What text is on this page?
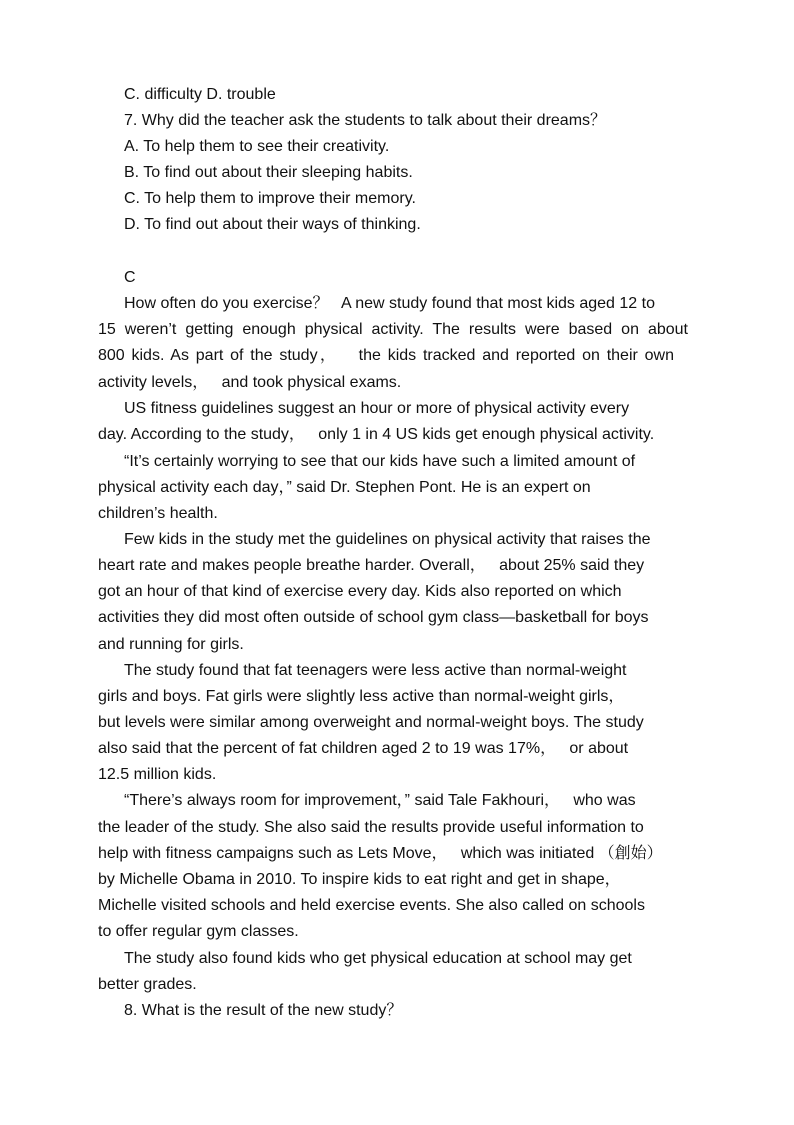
C. difficulty D. trouble
7. Why did the teacher ask the students to talk about their dreams？
A. To help them to see their creativity.
B. To find out about their sleeping habits.
C. To help them to improve their memory.
D. To find out about their ways of thinking.
C
How often do you exercise？   A new study found that most kids aged 12 to
15 weren’t getting enough physical activity. The results were based on about
800 kids. As part of the study，   the kids tracked and reported on their own
activity levels，   and took physical exams.
US fitness guidelines suggest an hour or more of physical activity every
day. According to the study，   only 1 in 4 US kids get enough physical activity.
“It’s certainly worrying to see that our kids have such a limited amount of
physical activity each day，” said Dr. Stephen Pont. He is an expert on
children’s health.
Few kids in the study met the guidelines on physical activity that raises the
heart rate and makes people breathe harder. Overall，   about 25% said they
got an hour of that kind of exercise every day. Kids also reported on which
activities they did most often outside of school gym class—basketball for boys
and running for girls.
The study found that fat teenagers were less active than normal-weight
girls and boys. Fat girls were slightly less active than normal-weight girls，
but levels were similar among overweight and normal-weight boys. The study
also said that the percent of fat children aged 2 to 19 was 17%，   or about
12.5 million kids.
“There’s always room for improvement，” said Tale Fakhouri，   who was
the leader of the study. She also said the results provide useful information to
help with fitness campaigns such as Lets Move，   which was initiated （創始）
by Michelle Obama in 2010. To inspire kids to eat right and get in shape，
Michelle visited schools and held exercise events. She also called on schools
to offer regular gym classes.
The study also found kids who get physical education at school may get
better grades.
8. What is the result of the new study？
